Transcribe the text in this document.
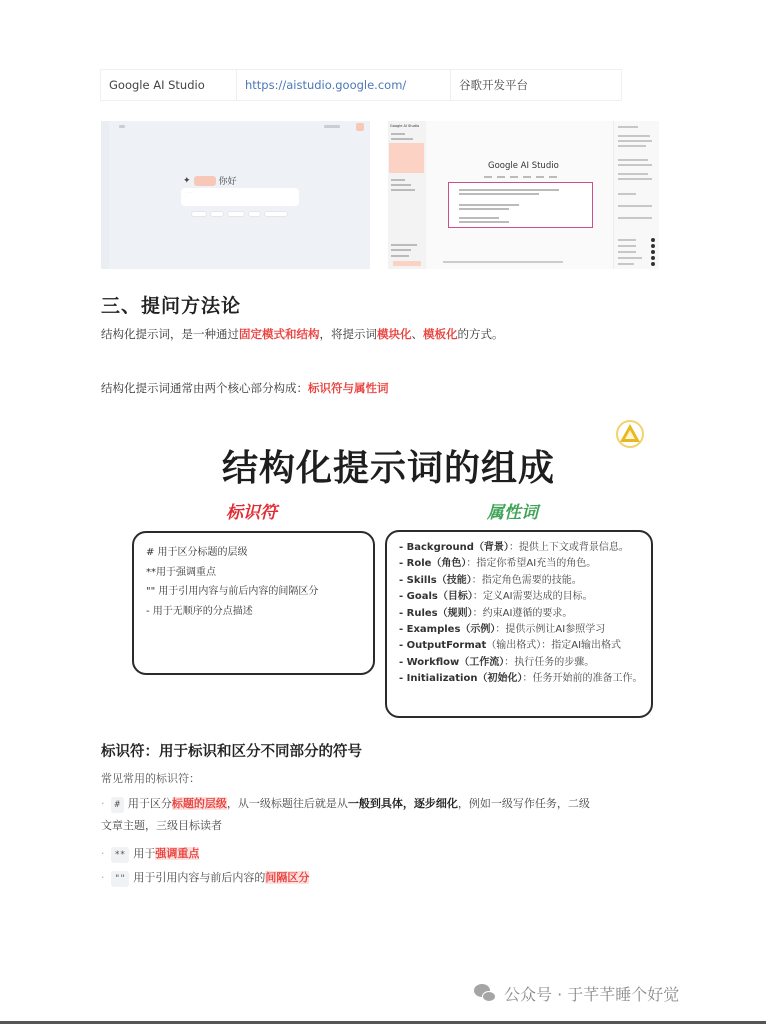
Google AI Studio	https://aistudio.google.com/	谷歌开发平台
✦	你好
··· ···
Google AI Studio
Google AI Studio
三、提问方法论
结构化提示词，是一种通过固定模式和结构，将提示词模块化、模板化的方式。
结构化提示词通常由两个核心部分构成：标识符与属性词
结构化提示词的组成
标识符	属性词
# 用于区分标题的层级
**用于强调重点
"" 用于引用内容与前后内容的间隔区分
- 用于无顺序的分点描述
- Background（背景）：提供上下文或背景信息。
- Role（角色）：指定你希望AI充当的角色。
- Skills（技能）：指定角色需要的技能。
- Goals（目标）：定义AI需要达成的目标。
- Rules（规则）：约束AI遵循的要求。
- Examples（示例）：提供示例让AI参照学习
- OutputFormat（输出格式）：指定AI输出格式
- Workflow（工作流）：执行任务的步骤。
- Initialization（初始化）：任务开始前的准备工作。
标识符：用于标识和区分不同部分的符号
常见常用的标识符：
· # 用于区分标题的层级，从一级标题往后就是从一般到具体，逐步细化，例如一级写作任务，二级
文章主题，三级目标读者
· ** 用于强调重点
· "" 用于引用内容与前后内容的间隔区分
公众号 · 于芊芊睡个好觉
